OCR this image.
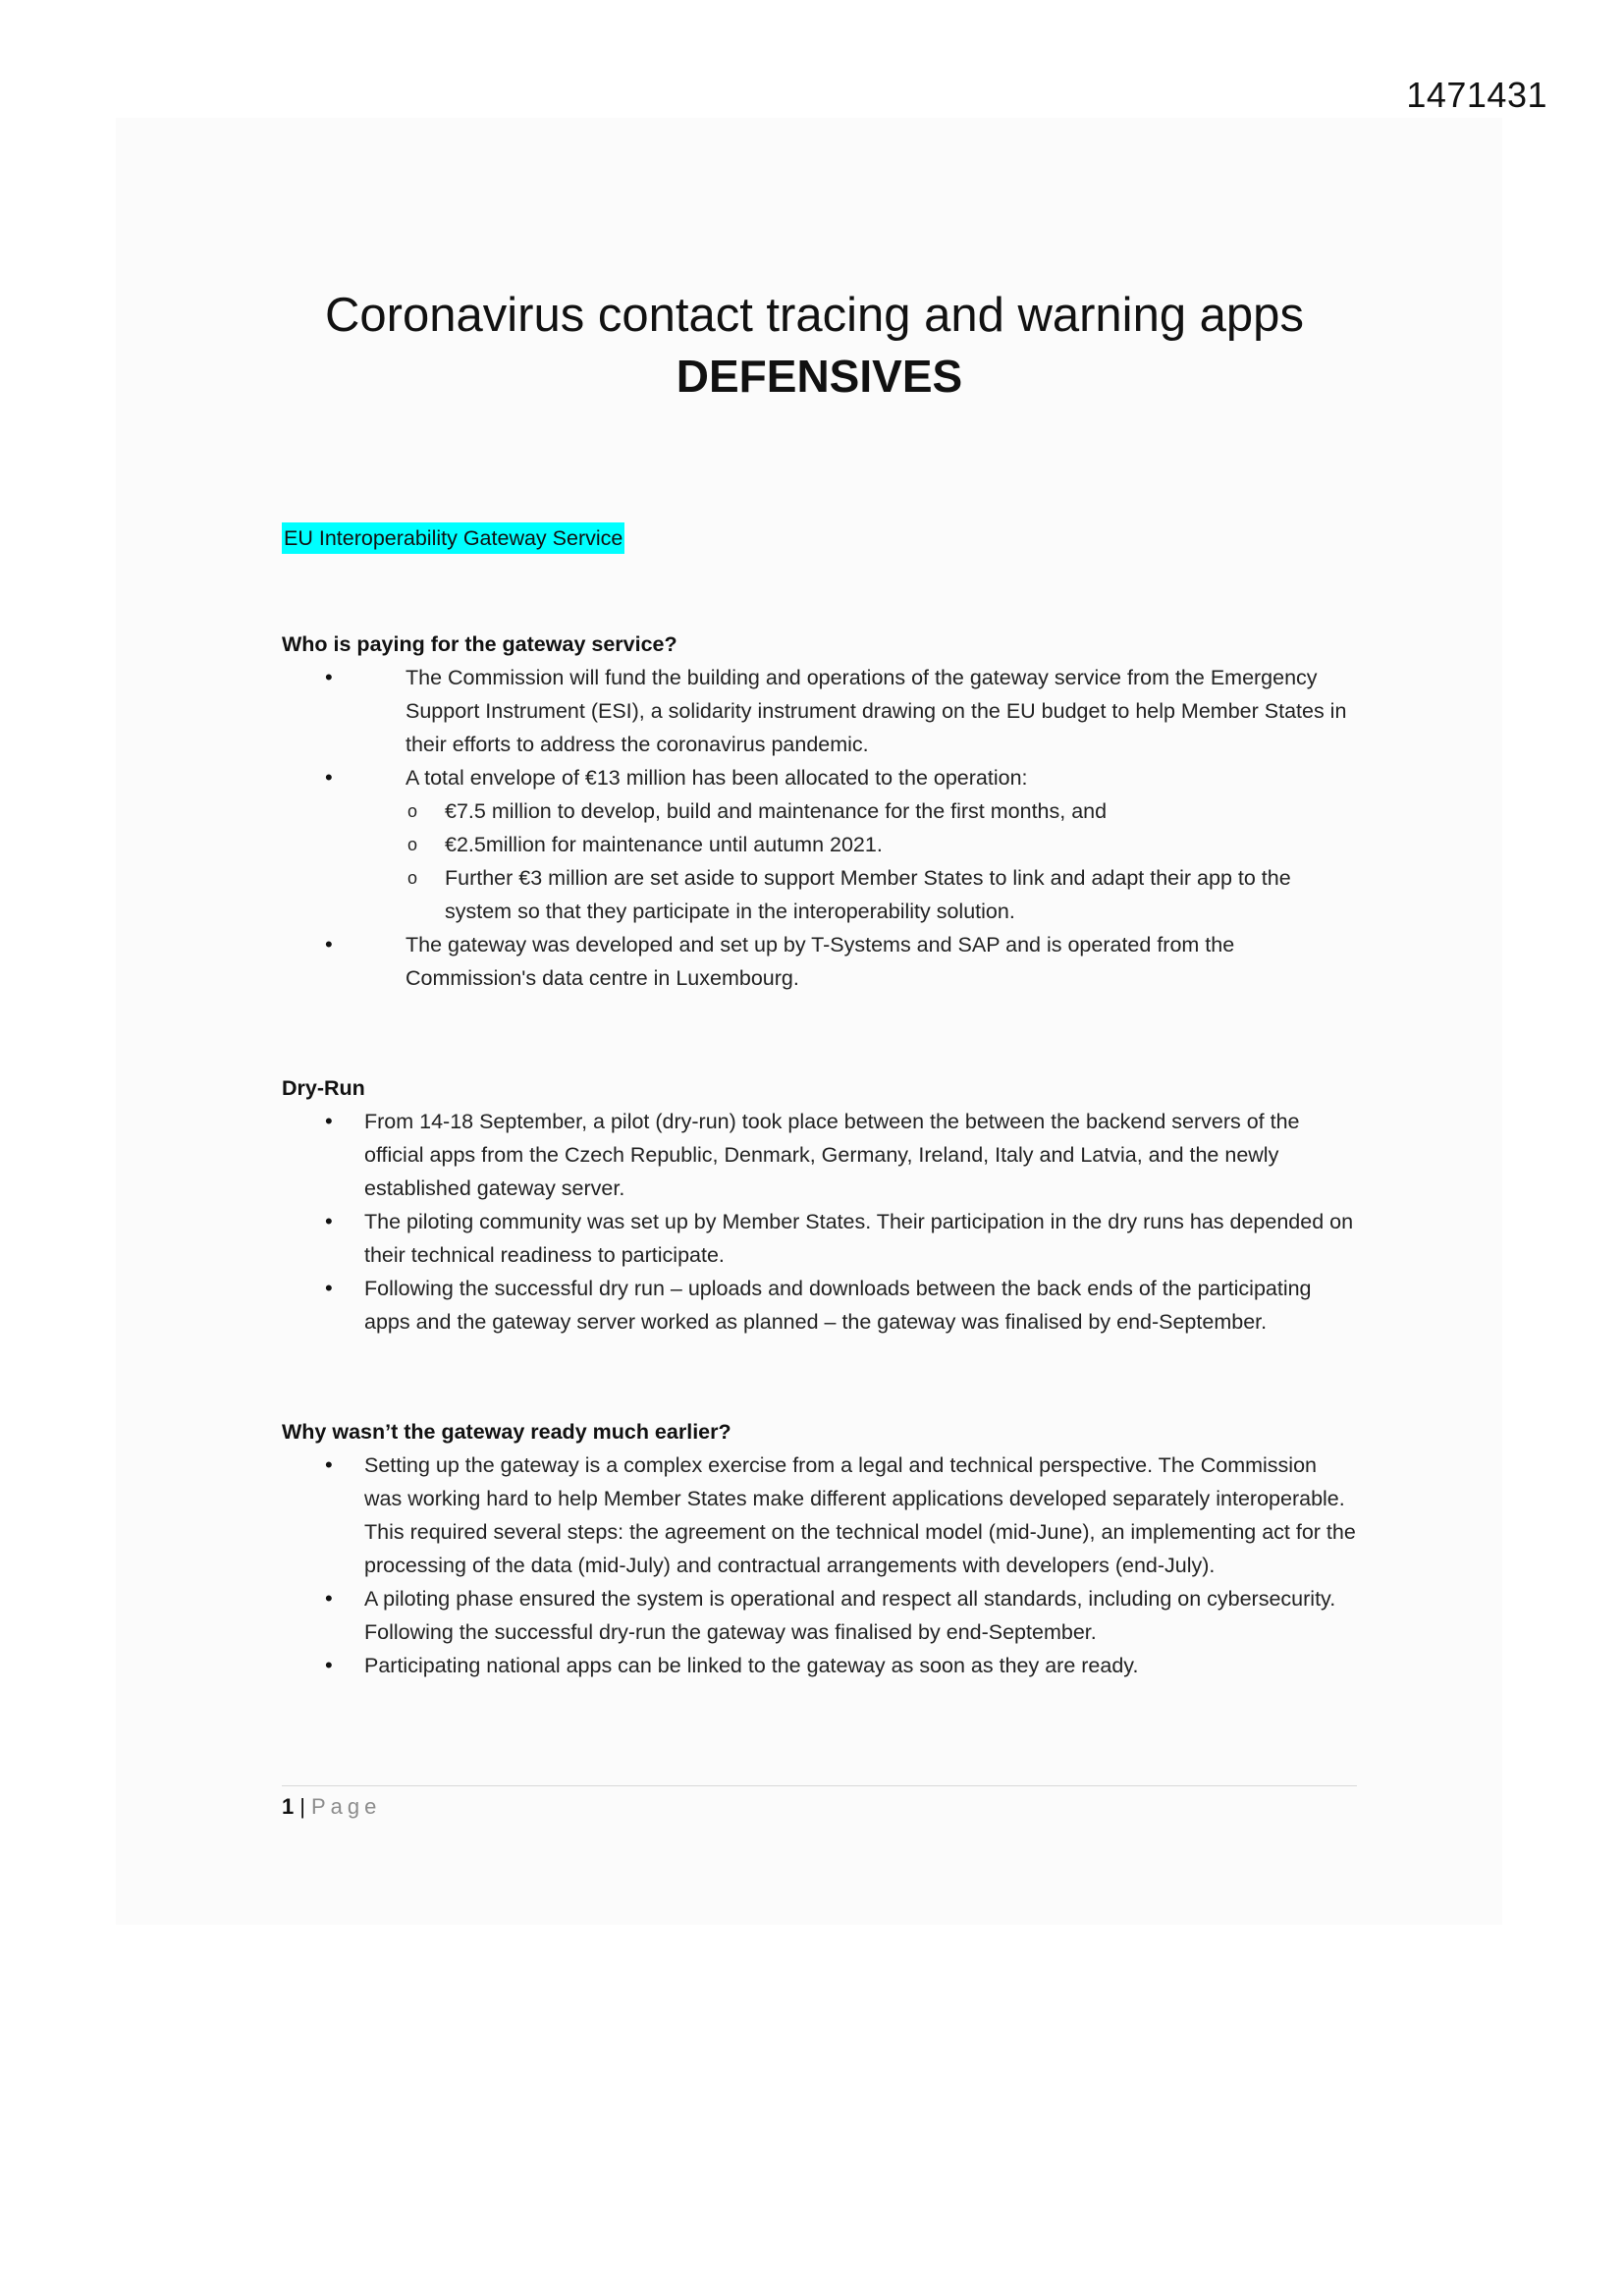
1471431
Coronavirus contact tracing and warning apps
DEFENSIVES
EU Interoperability Gateway Service
Who is paying for the gateway service?
•	The Commission will fund the building and operations of the gateway service from the Emergency Support Instrument (ESI), a solidarity instrument drawing on the EU budget to help Member States in their efforts to address the coronavirus pandemic.
•	A total envelope of €13 million has been allocated to the operation:
o €7.5 million to develop, build and maintenance for the first months, and
o €2.5million for maintenance until autumn 2021.
o Further €3 million are set aside to support Member States to link and adapt their app to the system so that they participate in the interoperability solution.
•	The gateway was developed and set up by T-Systems and SAP and is operated from the Commission's data centre in Luxembourg.
Dry-Run
• From 14-18 September, a pilot (dry-run) took place between the between the backend servers of the official apps from the Czech Republic, Denmark, Germany, Ireland, Italy and Latvia, and the newly established gateway server.
• The piloting community was set up by Member States. Their participation in the dry runs has depended on their technical readiness to participate.
• Following the successful dry run – uploads and downloads between the back ends of the participating apps and the gateway server worked as planned – the gateway was finalised by end-September.
Why wasn’t the gateway ready much earlier?
• Setting up the gateway is a complex exercise from a legal and technical perspective. The Commission was working hard to help Member States make different applications developed separately interoperable. This required several steps: the agreement on the technical model (mid-June), an implementing act for the processing of the data (mid-July) and contractual arrangements with developers (end-July).
• A piloting phase ensured the system is operational and respect all standards, including on cybersecurity. Following the successful dry-run the gateway was finalised by end-September.
• Participating national apps can be linked to the gateway as soon as they are ready.
1 | Page
